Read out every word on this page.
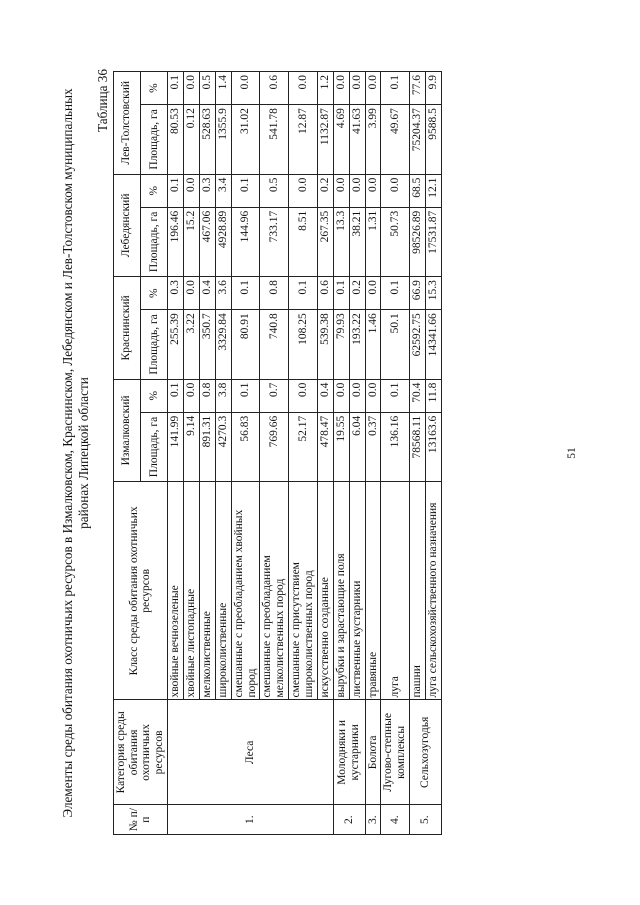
Элементы среды обитания охотничьих ресурсов в Измалковском, Краснинском, Лебедянском и Лев-Толстовском муниципальных районах Липецкой области
Таблица 36
№ п/п	Категория среды обитания охотничьих ресурсов	Класс среды обитания охотничьих ресурсов	Измалковский		Краснинский		Лебедянский		Лев-Толстовский	
			Площадь, га	%	Площадь, га	%	Площадь, га	%	Площадь, га	%
1.	Леса	хвойные вечнозеленые	141.99	0.1	255.39	0.3	196.46	0.1	80.53	0.1
		хвойные листопадные	9.14	0.0	3.22	0.0	15.2	0.0	0.12	0.0
		мелколиственные	891.31	0.8	350.7	0.4	467.06	0.3	528.63	0.5
		широколиственные	4270.3	3.8	3329.84	3.6	4928.89	3.4	1355.9	1.4
		смешанные с преобладанием хвойных пород	56.83	0.1	80.91	0.1	144.96	0.1	31.02	0.0
		смешанные с преобладанием мелколиственных пород	769.66	0.7	740.8	0.8	733.17	0.5	541.78	0.6
		смешанные с присутствием широколиственных пород	52.17	0.0	108.25	0.1	8.51	0.0	12.87	0.0
		искусственно созданные	478.47	0.4	539.38	0.6	267.35	0.2	1132.87	1.2
2.	Молодняки и кустарники	вырубки и зарастающие поля	19.55	0.0	79.93	0.1	13.3	0.0	4.69	0.0
		лиственные кустарники	6.04	0.0	193.22	0.2	38.21	0.0	41.63	0.0
3.	Болота	травяные	0.37	0.0	1.46	0.0	1.31	0.0	3.99	0.0
4.	Лугово-степные комплексы	луга	136.16	0.1	50.1	0.1	50.73	0.0	49.67	0.1
5.	Сельхозугодья	пашни	78568.11	70.4	62592.75	66.9	98526.89	68.5	75204.37	77.6
		луга сельскохозяйственного назначения	13163.6	11.8	14341.66	15.3	17531.87	12.1	9588.5	9.9
51
